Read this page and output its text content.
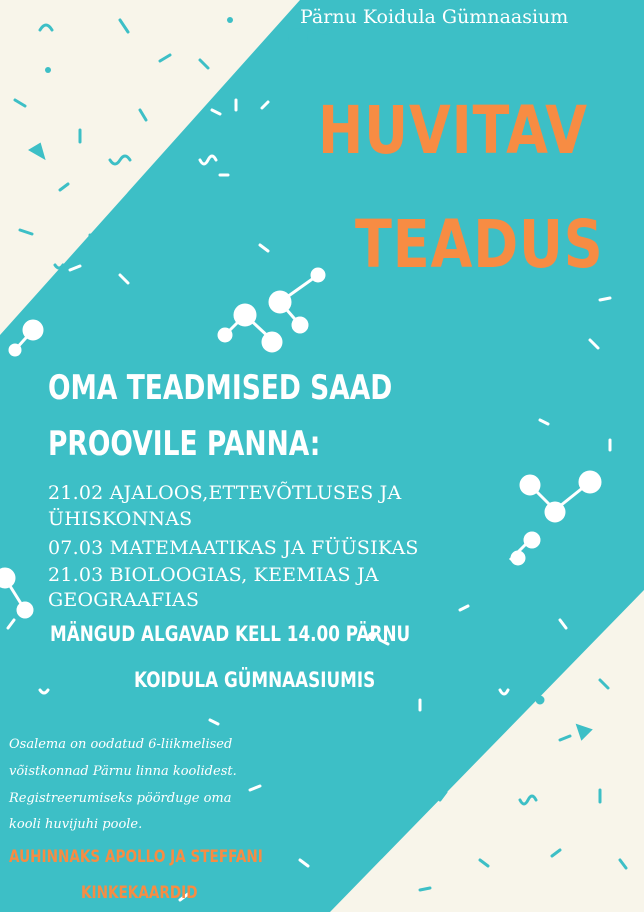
Pärnu Koidula Gümnaasium
HUVITAV
TEADUS
OMA TEADMISED SAAD
PROOVILE PANNA:
21.02 AJALOOS,ETTEVÕTLUSES JA
ÜHISKONNAS
07.03 MATEMAATIKAS JA FÜÜSIKAS
21.03 BIOLOOGIAS, KEEMIAS JA
GEOGRAAFIAS
MÄNGUD ALGAVAD KELL 14.00 PÄRNU
KOIDULA GÜMNAASIUMIS
Osalema on oodatud 6-liikmelised
võistkonnad Pärnu linna koolidest.
Registreerumiseks pöörduge oma
kooli huvijuhi poole.
AUHINNAKS APOLLO JA STEFFANI
KINKEKAARDID
